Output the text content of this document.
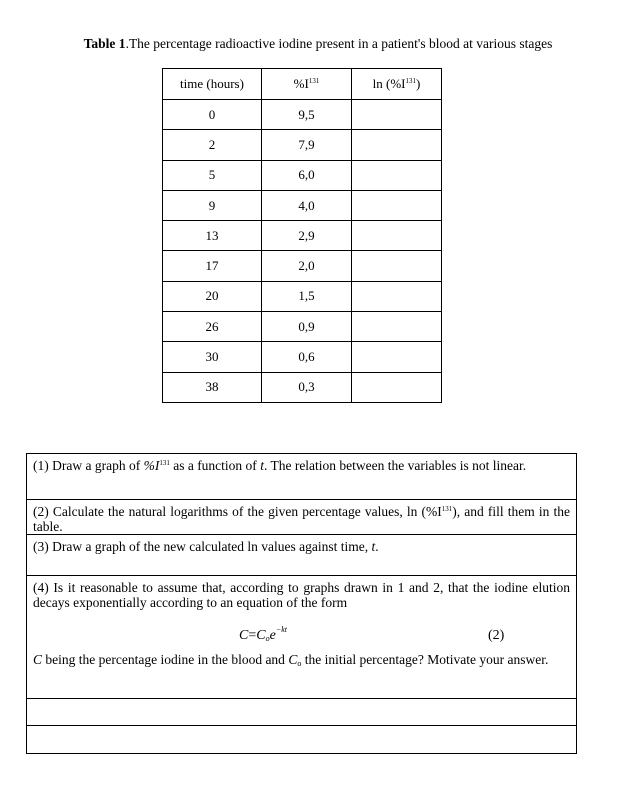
Table 1.The percentage radioactive iodine present in a patient's blood at various stages
time (hours)	$\%I^{131}$	$\ln (\%I^{131})$
0	9,5	
2	7,9	
5	6,0	
9	4,0	
13	2,9	
17	2,0	
20	1,5	
26	0,9	
30	0,6	
38	0,3	
(1) Draw a graph of $\%I^{131}$ as a function of t. The relation between the variables is not linear.
(2) Calculate the natural logarithms of the given percentage values, $\ln (\%I^{131})$, and fill them in the table.
(3) Draw a graph of the new calculated ln values against time, t.

(4) Is it reasonable to assume that, according to graphs drawn in 1 and 2, that the iodine elution decays exponentially according to an equation of the form
$C=C_oe^{-kt}$	(2)
C being the percentage iodine in the blood and $C_o$ the initial percentage? Motivate your answer.
